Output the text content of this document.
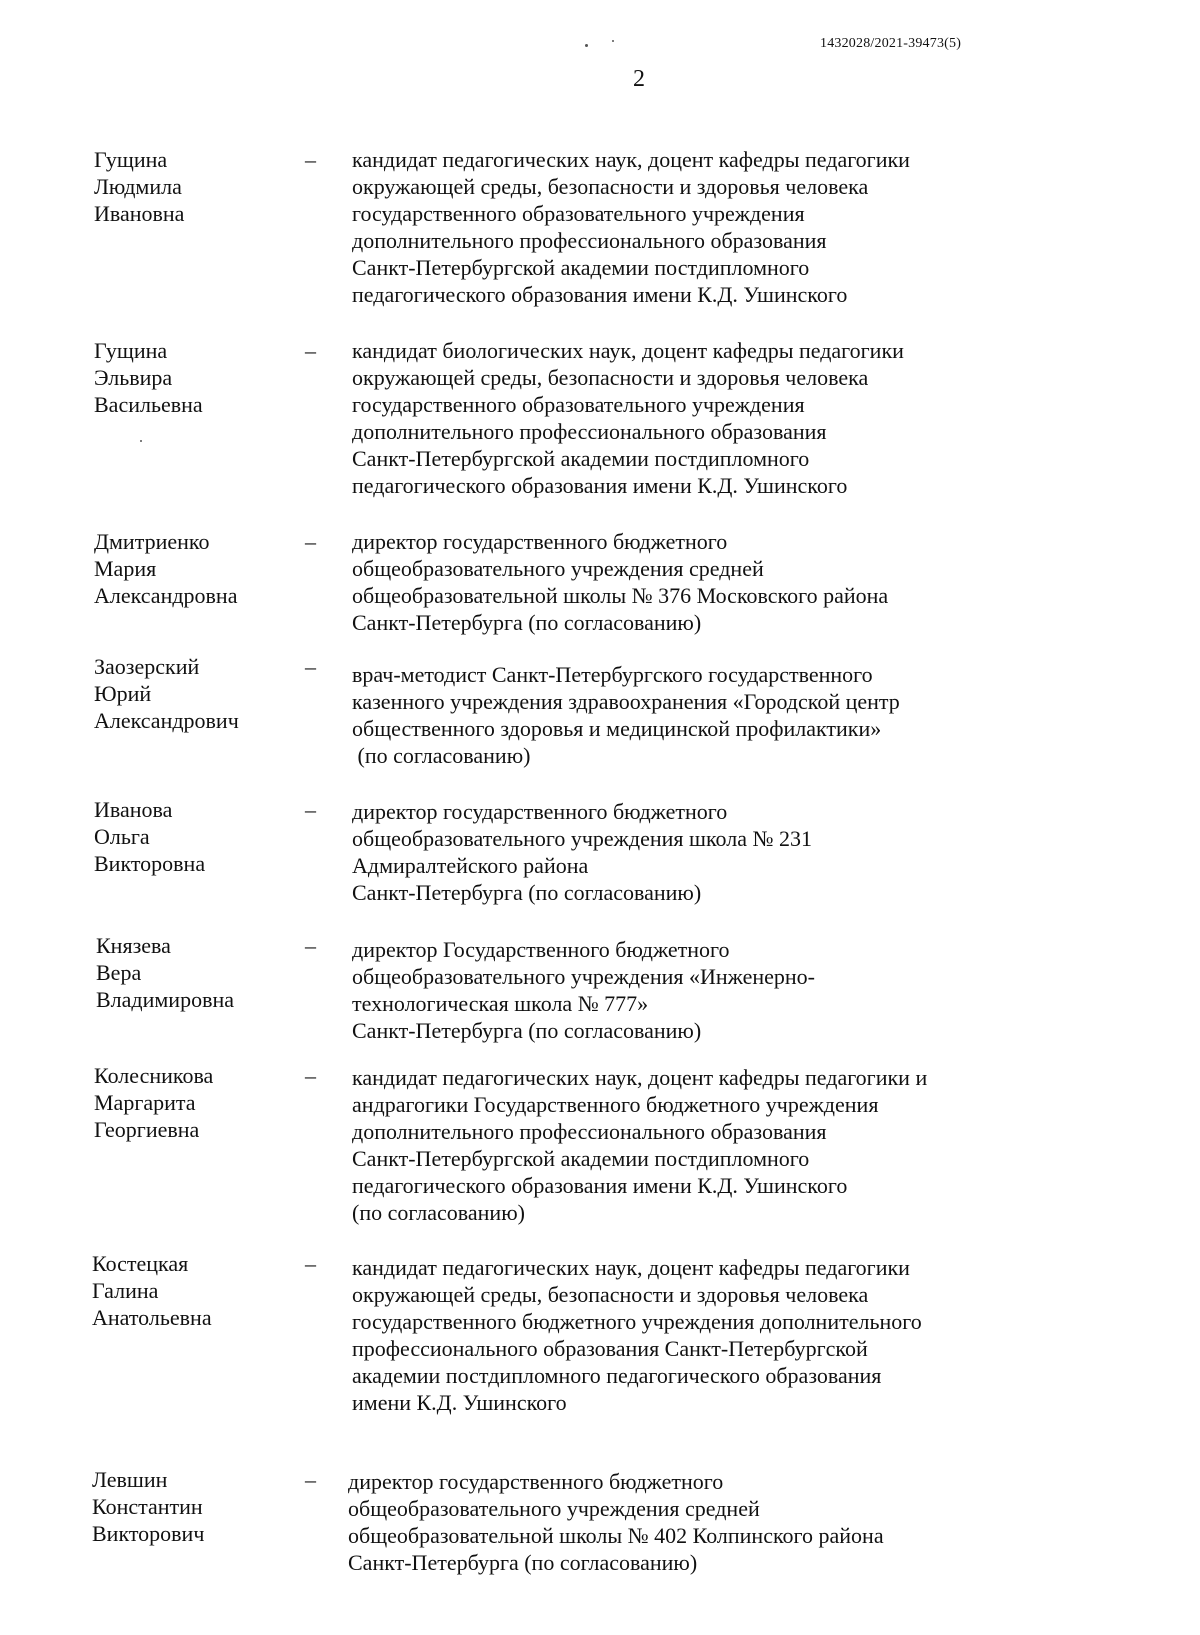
1432028/2021-39473(5)
2
Гущина
Людмила
Ивановна
– кандидат педагогических наук, доцент кафедры педагогики
окружающей среды, безопасности и здоровья человека
государственного образовательного учреждения
дополнительного профессионального образования
Санкт-Петербургской академии постдипломного
педагогического образования имени К.Д. Ушинского
Гущина
Эльвира
Васильевна
– кандидат биологических наук, доцент кафедры педагогики
окружающей среды, безопасности и здоровья человека
государственного образовательного учреждения
дополнительного профессионального образования
Санкт-Петербургской академии постдипломного
педагогического образования имени К.Д. Ушинского
Дмитриенко
Мария
Александровна
– директор государственного бюджетного
общеобразовательного учреждения средней
общеобразовательной школы № 376 Московского района
Санкт-Петербурга (по согласованию)
Заозерский
Юрий
Александрович
– врач-методист Санкт-Петербургского государственного
казенного учреждения здравоохранения «Городской центр
общественного здоровья и медицинской профилактики»
(по согласованию)
Иванова
Ольга
Викторовна
– директор государственного бюджетного
общеобразовательного учреждения школа № 231
Адмиралтейского района
Санкт-Петербурга (по согласованию)
Князева
Вера
Владимировна
– директор Государственного бюджетного
общеобразовательного учреждения «Инженерно-
технологическая школа № 777»
Санкт-Петербурга (по согласованию)
Колесникова
Маргарита
Георгиевна
– кандидат педагогических наук, доцент кафедры педагогики и
андрагогики Государственного бюджетного учреждения
дополнительного профессионального образования
Санкт-Петербургской академии постдипломного
педагогического образования имени К.Д. Ушинского
(по согласованию)
Костецкая
Галина
Анатольевна
– кандидат педагогических наук, доцент кафедры педагогики
окружающей среды, безопасности и здоровья человека
государственного бюджетного учреждения дополнительного
профессионального образования Санкт-Петербургской
академии постдипломного педагогического образования
имени К.Д. Ушинского
Левшин
Константин
Викторович
– директор государственного бюджетного
общеобразовательного учреждения средней
общеобразовательной школы № 402 Колпинского района
Санкт-Петербурга (по согласованию)
